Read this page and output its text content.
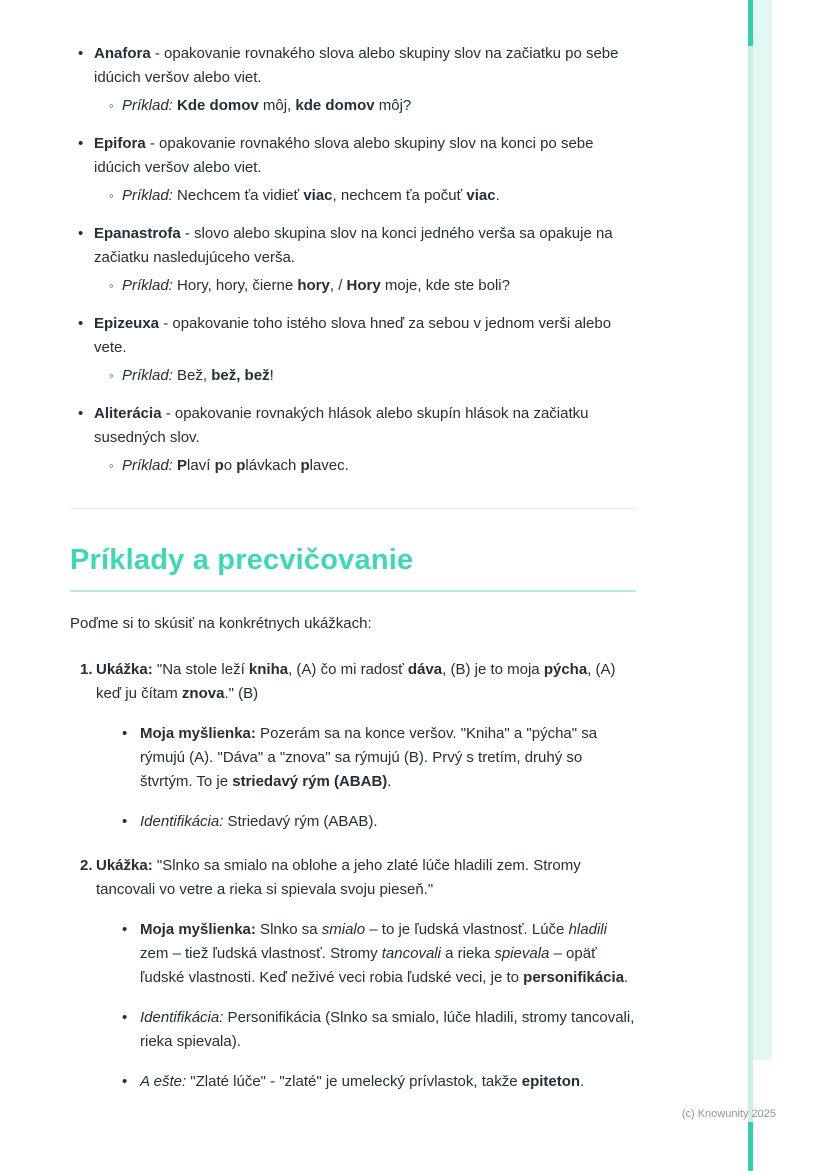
• Anafora - opakovanie rovnakého slova alebo skupiny slov na začiatku po sebe idúcich veršov alebo viet.

◦ Príklad: Kde domov môj, kde domov môj?

• Epifora - opakovanie rovnakého slova alebo skupiny slov na konci po sebe idúcich veršov alebo viet.

◦ Príklad: Nechcem ťa vidieť viac, nechcem ťa počuť viac.

• Epanastrofa - slovo alebo skupina slov na konci jedného verša sa opakuje na začiatku nasledujúceho verša.

◦ Príklad: Hory, hory, čierne hory, / Hory moje, kde ste boli?

• Epizeuxa - opakovanie toho istého slova hneď za sebou v jednom verši alebo vete.

◦ Príklad: Bež, bež, bež!

• Aliterácia - opakovanie rovnakých hlások alebo skupín hlások na začiatku susedných slov.

◦ Príklad: Plaví po plávkach plavec.

Príklady a precvičovanie

Poďme si to skúsiť na konkrétnych ukážkach:

1. Ukážka: "Na stole leží kniha, (A) čo mi radosť dáva, (B) je to moja pýcha, (A) keď ju čítam znova." (B)

• Moja myšlienka: Pozerám sa na konce veršov. "Kniha" a "pýcha" sa rýmujú (A). "Dáva" a "znova" sa rýmujú (B). Prvý s tretím, druhý so štvrtým. To je striedavý rým (ABAB).

• Identifikácia: Striedavý rým (ABAB).

2. Ukážka: "Slnko sa smialo na oblohe a jeho zlaté lúče hladili zem. Stromy tancovali vo vetre a rieka si spievala svoju pieseň."

• Moja myšlienka: Slnko sa smialo – to je ľudská vlastnosť. Lúče hladili zem – tiež ľudská vlastnosť. Stromy tancovali a rieka spievala – opäť ľudské vlastnosti. Keď neživé veci robia ľudské veci, je to personifikácia.

• Identifikácia: Personifikácia (Slnko sa smialo, lúče hladili, stromy tancovali, rieka spievala).

• A ešte: "Zlaté lúče" - "zlaté" je umelecký prívlastok, takže epiteton.

(c) Knowunity 2025
